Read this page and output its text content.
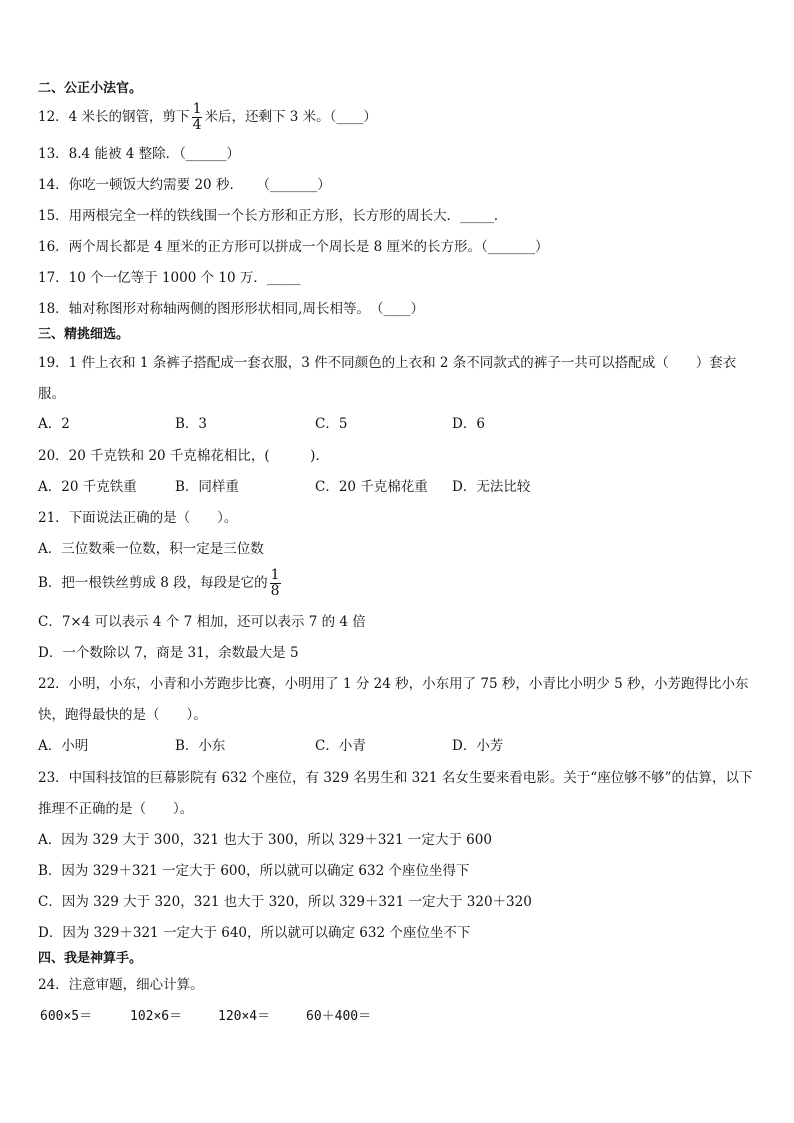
二、公正小法官。
12．4 米长的钢管，剪下 $\frac{1}{4}$ 米后，还剩下 3 米。（____）
13．8.4 能被 4 整除．（______）
14．你吃一顿饭大约需要 20 秒．　　（_______）
15．用两根完全一样的铁线围一个长方形和正方形，长方形的周长大．_____．
16．两个周长都是 4 厘米的正方形可以拼成一个周长是 8 厘米的长方形。（_______）
17．10 个一亿等于 1000 个 10 万．_____
18．轴对称图形对称轴两侧的图形形状相同,周长相等。　（____）
三、精挑细选。
19．1 件上衣和 1 条裤子搭配成一套衣服，3 件不同颜色的上衣和 2 条不同款式的裤子一共可以搭配成（　　）套衣
服。
A．2	B．3	C．5	D．6
20．20 千克铁和 20 千克棉花相比，(　　　)．
A．20 千克铁重	B．同样重	C．20 千克棉花重 D．无法比较
21．下面说法正确的是（　　）。
A．三位数乘一位数，积一定是三位数
B．把一根铁丝剪成 8 段，每段是它的 $\frac{1}{8}$
C．7×4 可以表示 4 个 7 相加，还可以表示 7 的 4 倍
D．一个数除以 7，商是 31，余数最大是 5
22．小明，小东，小青和小芳跑步比赛，小明用了 1 分 24 秒，小东用了 75 秒，小青比小明少 5 秒，小芳跑得比小东
快，跑得最快的是（　　）。
A．小明	B．小东	C．小青	D．小芳
23．中国科技馆的巨幕影院有 632 个座位，有 329 名男生和 321 名女生要来看电影。关于“座位够不够”的估算，以下
推理不正确的是（　　）。
A．因为 329 大于 300，321 也大于 300，所以 329＋321 一定大于 600
B．因为 329＋321 一定大于 600，所以就可以确定 632 个座位坐得下
C．因为 329 大于 320，321 也大于 320，所以 329＋321 一定大于 320＋320
D．因为 329＋321 一定大于 640，所以就可以确定 632 个座位坐不下
四、我是神算手。
24．注意审题，细心计算。
600×5＝	102×6＝	120×4＝	60＋400＝
